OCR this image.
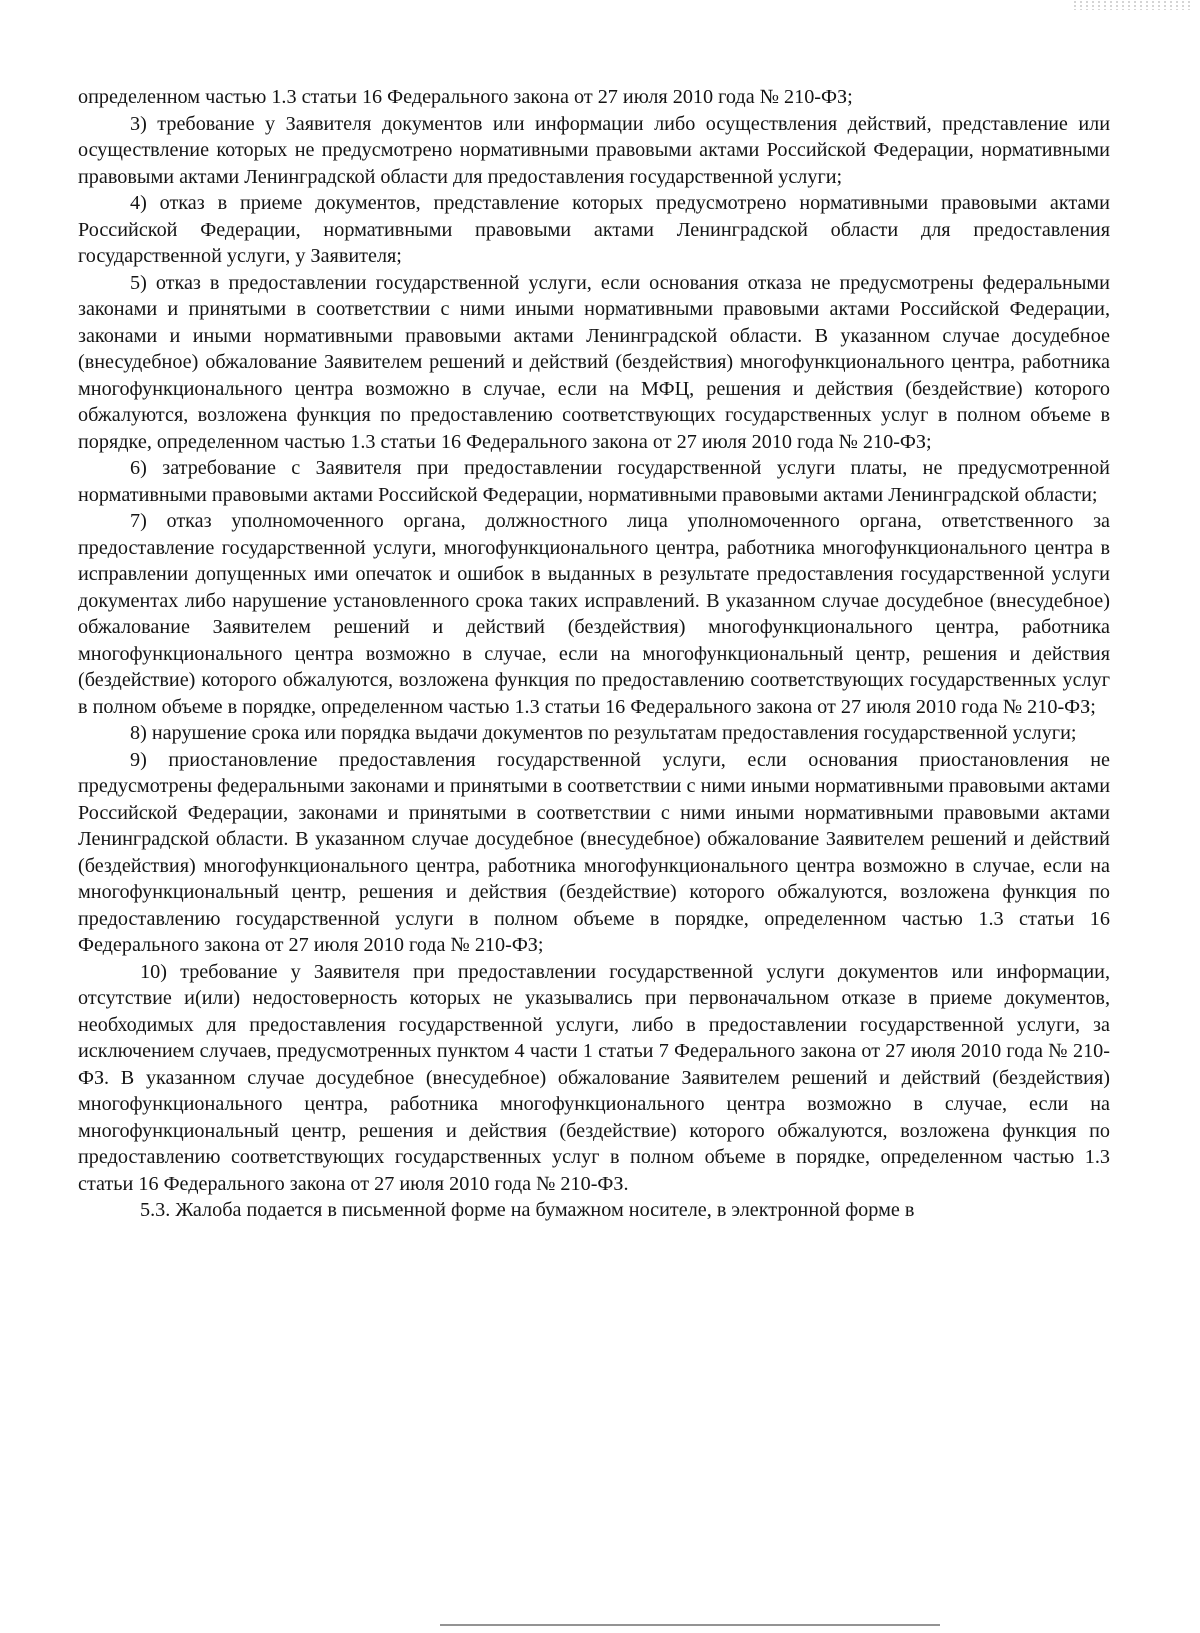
определенном частью 1.3 статьи 16 Федерального закона от 27 июля 2010 года № 210-ФЗ;

3) требование у Заявителя документов или информации либо осуществления действий, представление или осуществление которых не предусмотрено нормативными правовыми актами Российской Федерации, нормативными правовыми актами Ленинградской области для предоставления государственной услуги;

4) отказ в приеме документов, представление которых предусмотрено нормативными правовыми актами Российской Федерации, нормативными правовыми актами Ленинградской области для предоставления государственной услуги, у Заявителя;

5) отказ в предоставлении государственной услуги, если основания отказа не предусмотрены федеральными законами и принятыми в соответствии с ними иными нормативными правовыми актами Российской Федерации, законами и иными нормативными правовыми актами Ленинградской области. В указанном случае досудебное (внесудебное) обжалование Заявителем решений и действий (бездействия) многофункционального центра, работника многофункционального центра возможно в случае, если на МФЦ, решения и действия (бездействие) которого обжалуются, возложена функция по предоставлению соответствующих государственных услуг в полном объеме в порядке, определенном частью 1.3 статьи 16 Федерального закона от 27 июля 2010 года № 210-ФЗ;

6) затребование с Заявителя при предоставлении государственной услуги платы, не предусмотренной нормативными правовыми актами Российской Федерации, нормативными правовыми актами Ленинградской области;

7) отказ уполномоченного органа, должностного лица уполномоченного органа, ответственного за предоставление государственной услуги, многофункционального центра, работника многофункционального центра в исправлении допущенных ими опечаток и ошибок в выданных в результате предоставления государственной услуги документах либо нарушение установленного срока таких исправлений. В указанном случае досудебное (внесудебное) обжалование Заявителем решений и действий (бездействия) многофункционального центра, работника многофункционального центра возможно в случае, если на многофункциональный центр, решения и действия (бездействие) которого обжалуются, возложена функция по предоставлению соответствующих государственных услуг в полном объеме в порядке, определенном частью 1.3 статьи 16 Федерального закона от 27 июля 2010 года № 210-ФЗ;

8) нарушение срока или порядка выдачи документов по результатам предоставления государственной услуги;

9) приостановление предоставления государственной услуги, если основания приостановления не предусмотрены федеральными законами и принятыми в соответствии с ними иными нормативными правовыми актами Российской Федерации, законами и принятыми в соответствии с ними иными нормативными правовыми актами Ленинградской области. В указанном случае досудебное (внесудебное) обжалование Заявителем решений и действий (бездействия) многофункционального центра, работника многофункционального центра возможно в случае, если на многофункциональный центр, решения и действия (бездействие) которого обжалуются, возложена функция по предоставлению государственной услуги в полном объеме в порядке, определенном частью 1.3 статьи 16 Федерального закона от 27 июля 2010 года № 210-ФЗ;

10) требование у Заявителя при предоставлении государственной услуги документов или информации, отсутствие и(или) недостоверность которых не указывались при первоначальном отказе в приеме документов, необходимых для предоставления государственной услуги, либо в предоставлении государственной услуги, за исключением случаев, предусмотренных пунктом 4 части 1 статьи 7 Федерального закона от 27 июля 2010 года № 210-ФЗ. В указанном случае досудебное (внесудебное) обжалование Заявителем решений и действий (бездействия) многофункционального центра, работника многофункционального центра возможно в случае, если на многофункциональный центр, решения и действия (бездействие) которого обжалуются, возложена функция по предоставлению соответствующих государственных услуг в полном объеме в порядке, определенном частью 1.3 статьи 16 Федерального закона от 27 июля 2010 года № 210-ФЗ.

5.3. Жалоба подается в письменной форме на бумажном носителе, в электронной форме в
